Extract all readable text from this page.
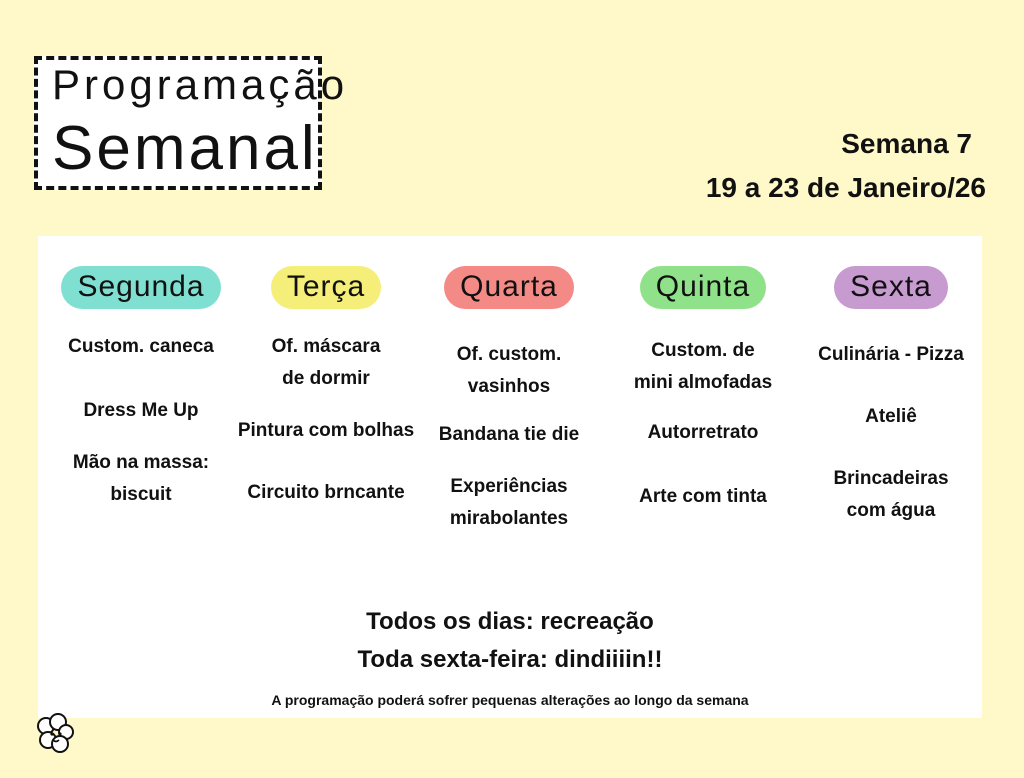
Programação
Semanal	Semana 7
19 a 23 de Janeiro/26
Segunda
Custom. caneca
Dress Me Up
Mão na massa:
biscuit
Terça
Of. máscara
de dormir
Pintura com bolhas
Circuito brncante
Quarta
Of. custom.
vasinhos
Bandana tie die
Experiências
mirabolantes
Quinta
Custom. de
mini almofadas
Autorretrato
Arte com tinta
Sexta
Culinária - Pizza
Ateliê
Brincadeiras
com água
Todos os dias: recreação
Toda sexta-feira: dindiiiin!!
A programação poderá sofrer pequenas alterações ao longo da semana
